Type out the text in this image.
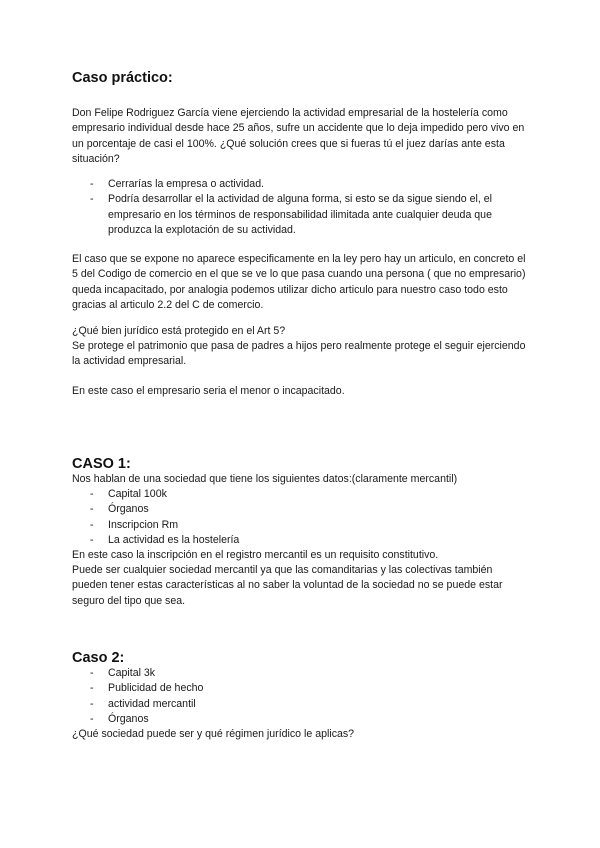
Caso práctico:

Don Felipe Rodriguez García viene ejerciendo la actividad empresarial de la hostelería como empresario individual desde hace 25 años, sufre un accidente que lo deja impedido pero vivo en un porcentaje de casi el 100%. ¿Qué solución crees que si fueras tú el juez darías ante esta situación?

- Cerrarías la empresa o actividad.
- Podría desarrollar el la actividad de alguna forma, si esto se da sigue siendo el, el empresario en los términos de responsabilidad ilimitada ante cualquier deuda que produzca la explotación de su actividad.

El caso que se expone no aparece especificamente en la ley pero hay un articulo, en concreto el 5 del Codigo de comercio en el que se ve lo que pasa cuando una persona ( que no empresario) queda incapacitado, por analogia podemos utilizar dicho articulo para nuestro caso todo esto gracias al articulo 2.2 del C de comercio.

¿Qué bien jurídico está protegido en el Art 5?

Se protege el patrimonio que pasa de padres a hijos pero realmente protege el seguir ejerciendo la actividad empresarial.

En este caso el empresario seria el menor o incapacitado.

CASO 1:

Nos hablan de una sociedad que tiene los siguientes datos:(claramente mercantil)

- Capital 100k
- Órganos
- Inscripcion Rm
- La actividad es la hostelería

En este caso la inscripción en el registro mercantil es un requisito constitutivo.

Puede ser cualquier sociedad mercantil ya que las comanditarias y las colectivas también pueden tener estas características al no saber la voluntad de la sociedad no se puede estar seguro del tipo que sea.

Caso 2:
- Capital 3k
- Publicidad de hecho
- actividad mercantil
- Órganos

¿Qué sociedad puede ser y qué régimen jurídico le aplicas?
